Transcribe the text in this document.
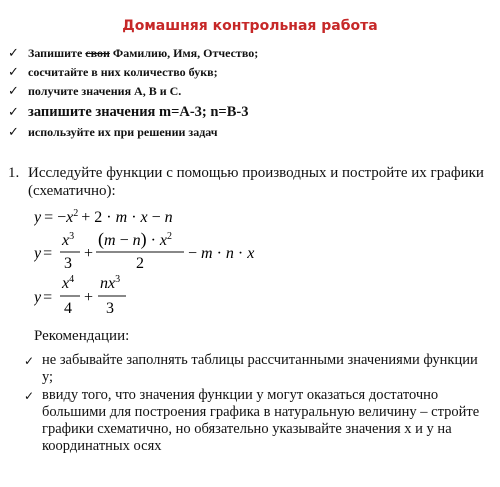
Домашняя контрольная работа
✓ Запишите свои Фамилию, Имя, Отчество;
✓ сосчитайте в них количество букв;
✓ получите значения А, В и С.
✓ запишите значения m=A-3; n=B-3
✓ используйте их при решении задач
1. Исследуйте функции с помощью производных и постройте их графики (схематично):
$y = -x^2 + 2 \cdot m \cdot x - n$
y =
$x^3$
3
+
$(m - n) \cdot x^2$
2
− m · n · x
y =
$x^4$
4
+
$nx^3$
3
Рекомендации:
✓ не забывайте заполнять таблицы рассчитанными значениями функции у;
✓ ввиду того, что значения функции у могут оказаться достаточно большими для построения графика в натуральную величину – стройте графики схематично, но обязательно указывайте значения х и у на координатных осях
